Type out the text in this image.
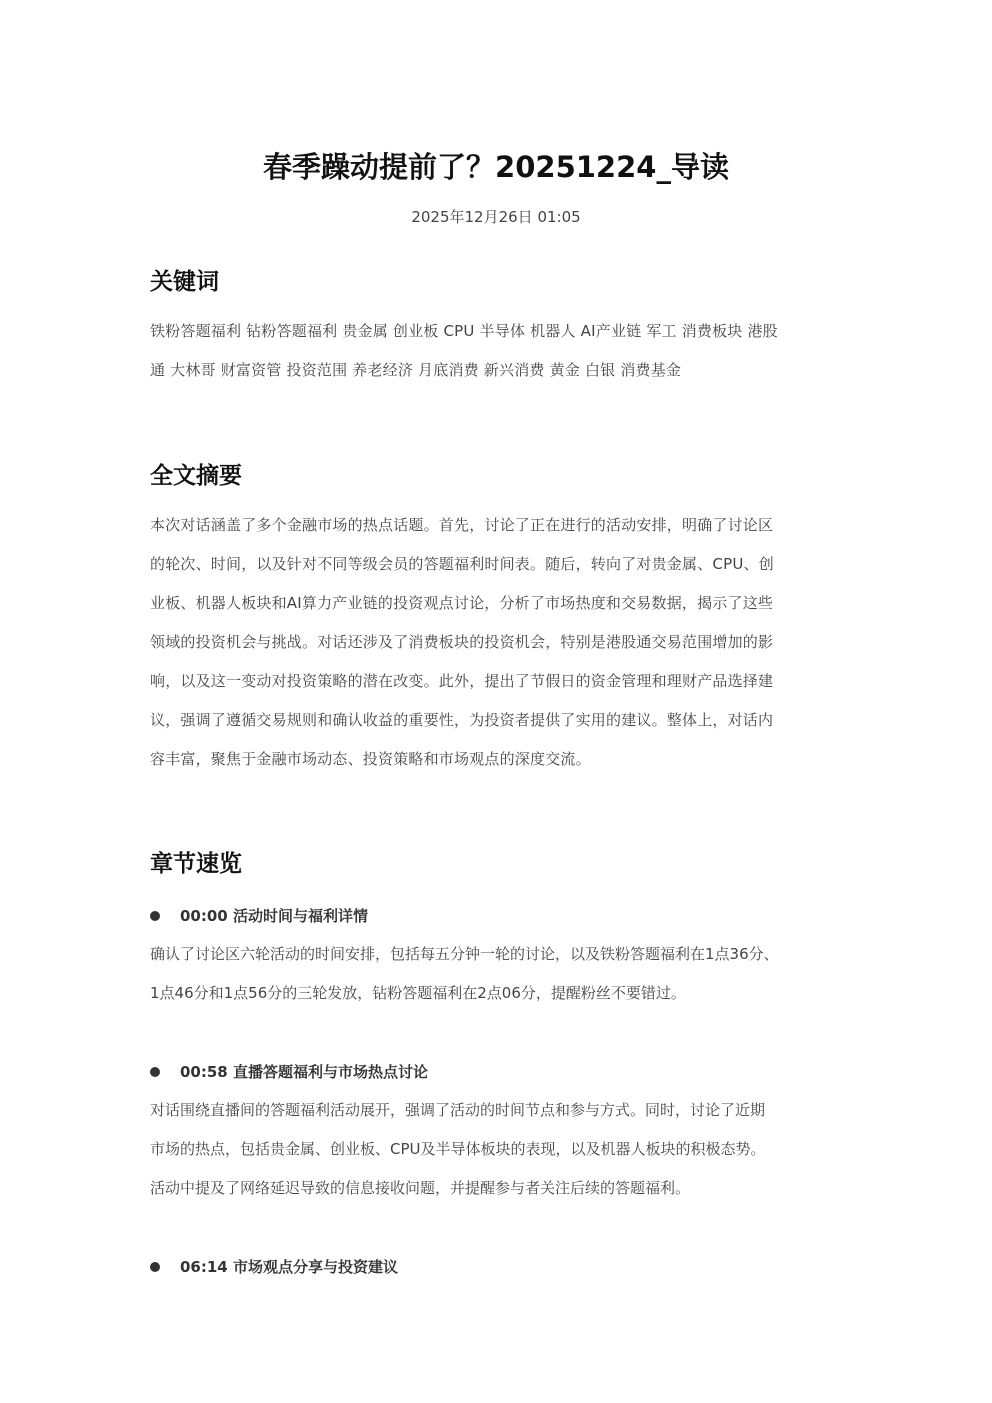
春季躁动提前了？20251224_导读
2025年12月26日 01:05
关键词
铁粉答题福利 钻粉答题福利 贵金属 创业板 CPU 半导体 机器人 AI产业链 军工 消费板块 港股
通 大林哥 财富资管 投资范围 养老经济 月底消费 新兴消费 黄金 白银 消费基金
全文摘要
本次对话涵盖了多个金融市场的热点话题。首先，讨论了正在进行的活动安排，明确了讨论区
的轮次、时间，以及针对不同等级会员的答题福利时间表。随后，转向了对贵金属、CPU、创
业板、机器人板块和AI算力产业链的投资观点讨论，分析了市场热度和交易数据，揭示了这些
领域的投资机会与挑战。对话还涉及了消费板块的投资机会，特别是港股通交易范围增加的影
响，以及这一变动对投资策略的潜在改变。此外，提出了节假日的资金管理和理财产品选择建
议，强调了遵循交易规则和确认收益的重要性，为投资者提供了实用的建议。整体上，对话内
容丰富，聚焦于金融市场动态、投资策略和市场观点的深度交流。
章节速览
00:00 活动时间与福利详情
确认了讨论区六轮活动的时间安排，包括每五分钟一轮的讨论，以及铁粉答题福利在1点36分、
1点46分和1点56分的三轮发放，钻粉答题福利在2点06分，提醒粉丝不要错过。
00:58 直播答题福利与市场热点讨论
对话围绕直播间的答题福利活动展开，强调了活动的时间节点和参与方式。同时，讨论了近期
市场的热点，包括贵金属、创业板、CPU及半导体板块的表现，以及机器人板块的积极态势。
活动中提及了网络延迟导致的信息接收问题，并提醒参与者关注后续的答题福利。
06:14 市场观点分享与投资建议
